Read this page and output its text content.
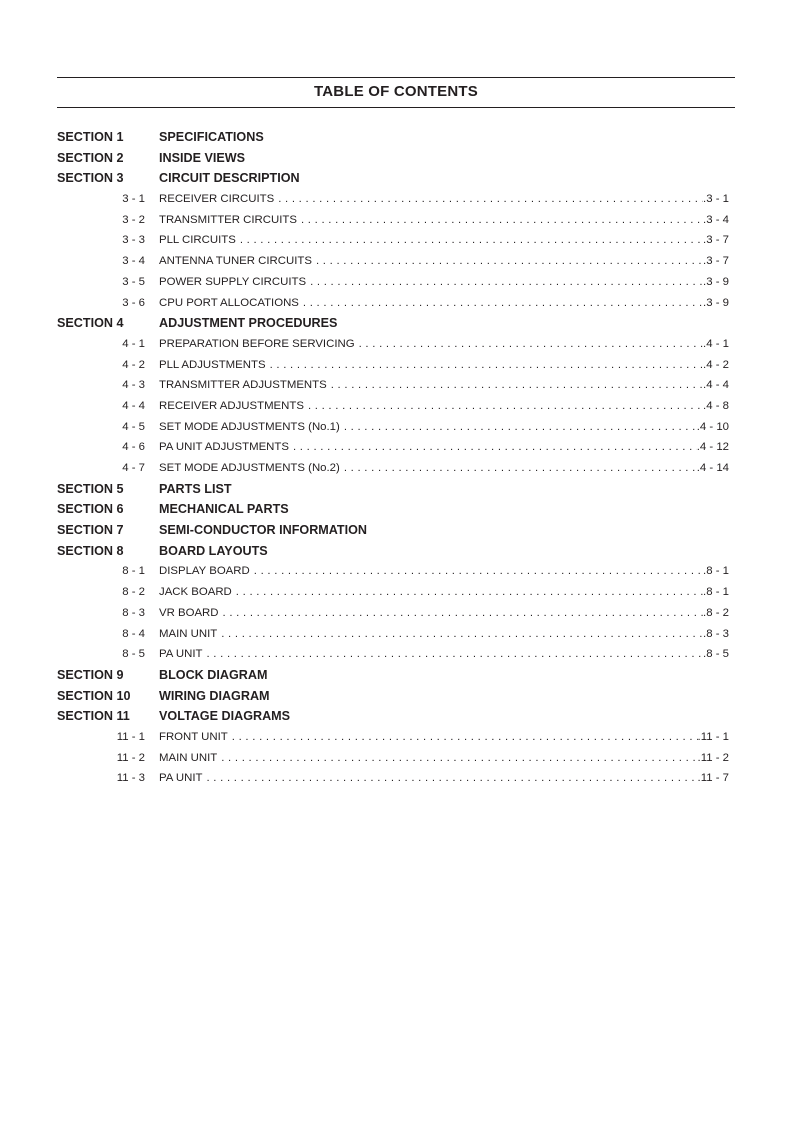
TABLE OF CONTENTS
SECTION 1	SPECIFICATIONS
SECTION 2	INSIDE VIEWS
SECTION 3	CIRCUIT DESCRIPTION
3 - 1 RECEIVER CIRCUITS . . .	.3 - 1
3 - 2 TRANSMITTER CIRCUITS . . .	.3 - 4
3 - 3 PLL CIRCUITS . . .	.3 - 7
3 - 4 ANTENNA TUNER CIRCUITS . . .	.3 - 7
3 - 5 POWER SUPPLY CIRCUITS . . .	.3 - 9
3 - 6 CPU PORT ALLOCATIONS . . .	.3 - 9
SECTION 4	ADJUSTMENT PROCEDURES
4 - 1 PREPARATION BEFORE SERVICING . . .	.4 - 1
4 - 2 PLL ADJUSTMENTS . . .	.4 - 2
4 - 3 TRANSMITTER ADJUSTMENTS . . .	.4 - 4
4 - 4 RECEIVER ADJUSTMENTS . . .	.4 - 8
4 - 5 SET MODE ADJUSTMENTS (No.1) . . .	.4 - 10
4 - 6 PA UNIT ADJUSTMENTS . . .	.4 - 12
4 - 7 SET MODE ADJUSTMENTS (No.2) . . .	.4 - 14
SECTION 5	PARTS LIST
SECTION 6	MECHANICAL PARTS
SECTION 7	SEMI-CONDUCTOR INFORMATION
SECTION 8	BOARD LAYOUTS
8 - 1 DISPLAY BOARD . . .	.8 - 1
8 - 2 JACK BOARD . . .	.8 - 1
8 - 3 VR BOARD . . .	.8 - 2
8 - 4 MAIN UNIT . . .	.8 - 3
8 - 5 PA UNIT . . .	.8 - 5
SECTION 9	BLOCK DIAGRAM
SECTION 10 WIRING DIAGRAM
SECTION 11 VOLTAGE DIAGRAMS
11 - 1 FRONT UNIT . . .	.11 - 1
11 - 2 MAIN UNIT . . .	.11 - 2
11 - 3 PA UNIT . . .	.11 - 7
